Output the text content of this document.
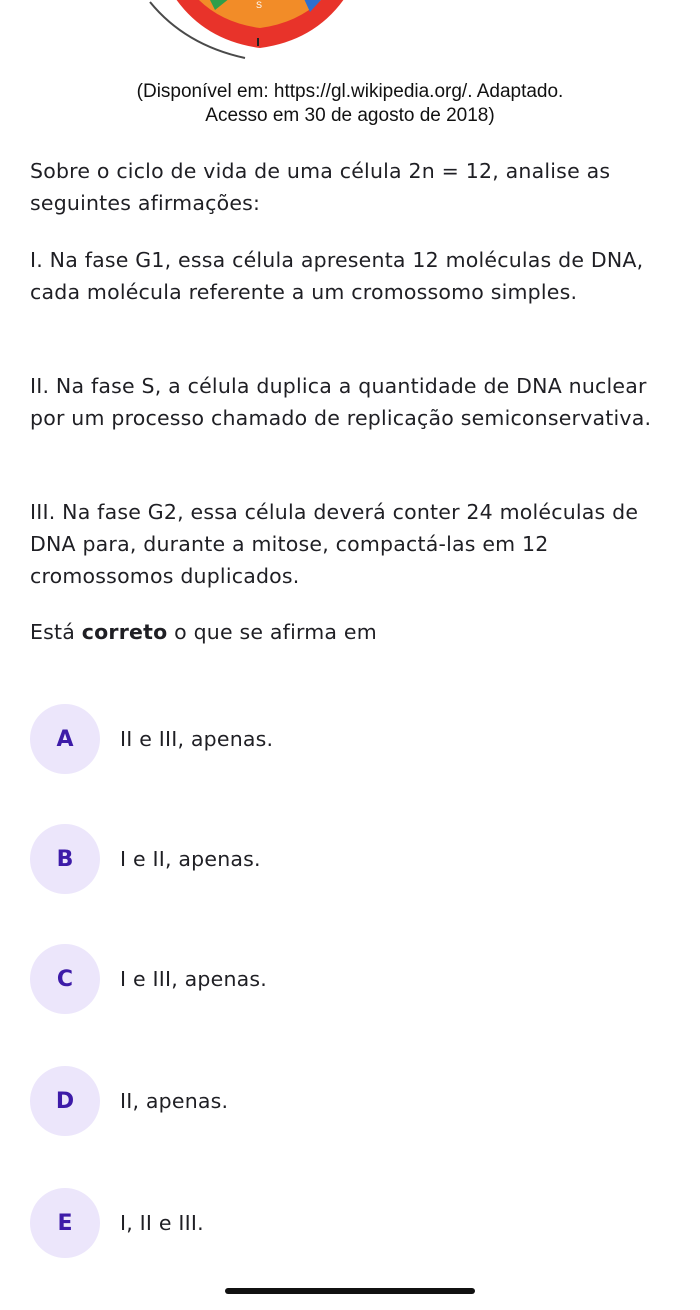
S
(Disponível em: https://gl.wikipedia.org/. Adaptado.
Acesso em 30 de agosto de 2018)
Sobre o ciclo de vida de uma célula 2n = 12, analise as seguintes afirmações:
I. Na fase G1, essa célula apresenta 12 moléculas de DNA, cada molécula referente a um cromossomo simples.
II. Na fase S, a célula duplica a quantidade de DNA nuclear por um processo chamado de replicação semiconservativa.
III. Na fase G2, essa célula deverá conter 24 moléculas de DNA para, durante a mitose, compactá-las em 12 cromossomos duplicados.
Está correto o que se afirma em
A	II e III, apenas.
B	I e II, apenas.
C	I e III, apenas.
D	II, apenas.
E	I, II e III.
